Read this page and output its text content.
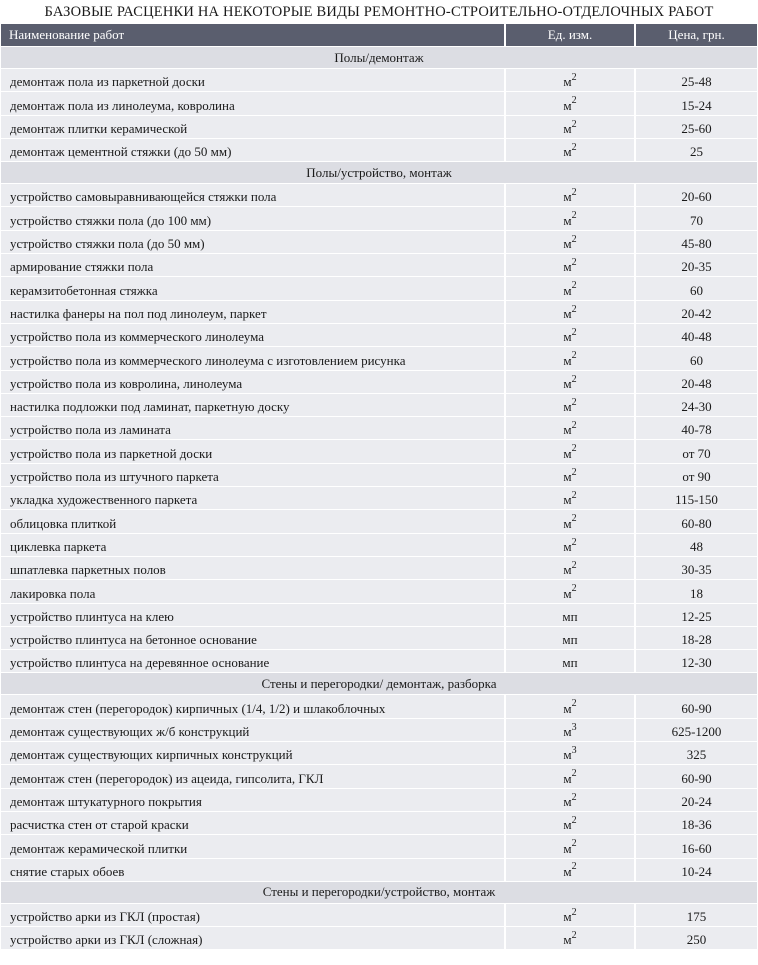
БАЗОВЫЕ РАСЦЕНКИ НА НЕКОТОРЫЕ ВИДЫ РЕМОНТНО-СТРОИТЕЛЬНО-ОТДЕЛОЧНЫХ РАБОТ
Наименование работ	Ед. изм.	Цена, грн.
Полы/демонтаж		
демонтаж пола из паркетной доски	$м^2$	25-48
демонтаж пола из линолеума, ковролина	$м^2$	15-24
демонтаж плитки керамической	$м^2$	25-60
демонтаж цементной стяжки (до 50 мм)	$м^2$	25
Полы/устройство, монтаж		
устройство самовыравнивающейся стяжки пола	$м^2$	20-60
устройство стяжки пола (до 100 мм)	$м^2$	70
устройство стяжки пола (до 50 мм)	$м^2$	45-80
армирование стяжки пола	$м^2$	20-35
керамзитобетонная стяжка	$м^2$	60
настилка фанеры на пол под линолеум, паркет	$м^2$	20-42
устройство пола из коммерческого линолеума	$м^2$	40-48
устройство пола из коммерческого линолеума с изготовлением рисунка	$м^2$	60
устройство пола из ковролина, линолеума	$м^2$	20-48
настилка подложки под ламинат, паркетную доску	$м^2$	24-30
устройство пола из ламината	$м^2$	40-78
устройство пола из паркетной доски	$м^2$	от 70
устройство пола из штучного паркета	$м^2$	от 90
укладка художественного паркета	$м^2$	115-150
облицовка плиткой	$м^2$	60-80
циклевка паркета	$м^2$	48
шпатлевка паркетных полов	$м^2$	30-35
лакировка пола	$м^2$	18
устройство плинтуса на клею	мп	12-25
устройство плинтуса на бетонное основание	мп	18-28
устройство плинтуса на деревянное основание	мп	12-30
Стены и перегородки/ демонтаж, разборка		
демонтаж стен (перегородок) кирпичных (1/4, 1/2) и шлакоблочных	$м^2$	60-90
демонтаж существующих ж/б конструкций	$м^3$	625-1200
демонтаж существующих кирпичных конструкций	$м^3$	325
демонтаж стен (перегородок) из ацеида, гипсолита, ГКЛ	$м^2$	60-90
демонтаж штукатурного покрытия	$м^2$	20-24
расчистка стен от старой краски	$м^2$	18-36
демонтаж керамической плитки	$м^2$	16-60
снятие старых обоев	$м^2$	10-24
Стены и перегородки/устройство, монтаж		
устройство арки из ГКЛ (простая)	$м^2$	175
устройство арки из ГКЛ (сложная)	$м^2$	250
